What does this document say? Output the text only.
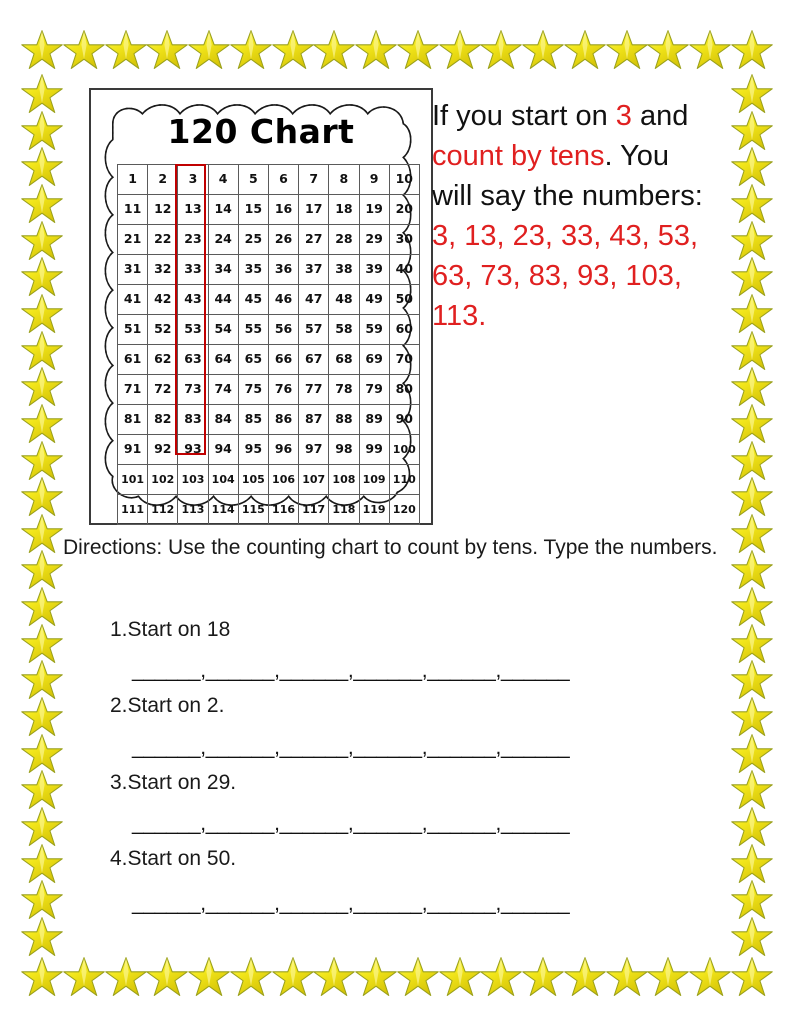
120 Chart
1	2	3	4	5	6	7	8	9	10
11	12	13	14	15	16	17	18	19	20
21	22	23	24	25	26	27	28	29	30
31	32	33	34	35	36	37	38	39	40
41	42	43	44	45	46	47	48	49	50
51	52	53	54	55	56	57	58	59	60
61	62	63	64	65	66	67	68	69	70
71	72	73	74	75	76	77	78	79	80
81	82	83	84	85	86	87	88	89	90
91	92	93	94	95	96	97	98	99	100
101	102	103	104	105	106	107	108	109	110
111	112	113	114	115	116	117	118	119	120
If you start on 3 and count by tens. You will say the numbers: 3, 13, 23, 33, 43, 53, 63, 73, 83, 93, 103, 113.
Directions: Use the counting chart to count by tens. Type the numbers.
1.Start on 18
______,______,______,______,______,______
2.Start on 2.
______,______,______,______,______,______
3.Start on 29.
______,______,______,______,______,______
4.Start on 50.
______,______,______,______,______,______
